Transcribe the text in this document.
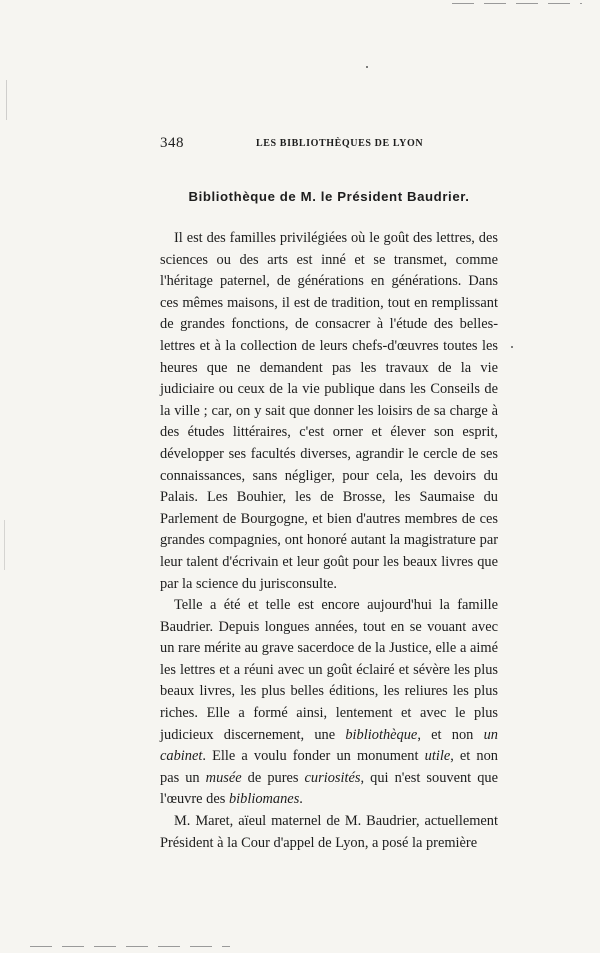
348	LES BIBLIOTHÈQUES DE LYON
Bibliothèque de M. le Président Baudrier.

Il est des familles privilégiées où le goût des lettres, des sciences ou des arts est inné et se transmet, comme l'héritage paternel, de générations en générations. Dans ces mêmes maisons, il est de tradition, tout en remplissant de grandes fonctions, de consacrer à l'étude des belles-lettres et à la collection de leurs chefs-d'œuvres toutes les heures que ne demandent pas les travaux de la vie judiciaire ou ceux de la vie publique dans les Conseils de la ville ; car, on y sait que donner les loisirs de sa charge à des études littéraires, c'est orner et élever son esprit, développer ses facultés diverses, agrandir le cercle de ses connaissances, sans négliger, pour cela, les devoirs du Palais. Les Bouhier, les de Brosse, les Saumaise du Parlement de Bourgogne, et bien d'autres membres de ces grandes compagnies, ont honoré autant la magistrature par leur talent d'écrivain et leur goût pour les beaux livres que par la science du jurisconsulte.

Telle a été et telle est encore aujourd'hui la famille Baudrier. Depuis longues années, tout en se vouant avec un rare mérite au grave sacerdoce de la Justice, elle a aimé les lettres et a réuni avec un goût éclairé et sévère les plus beaux livres, les plus belles éditions, les reliures les plus riches. Elle a formé ainsi, lentement et avec le plus judicieux discernement, une bibliothèque, et non un cabinet. Elle a voulu fonder un monument utile, et non pas un musée de pures curiosités, qui n'est souvent que l'œuvre des bibliomanes.

M. Maret, aïeul maternel de M. Baudrier, actuellement Président à la Cour d'appel de Lyon, a posé la première
